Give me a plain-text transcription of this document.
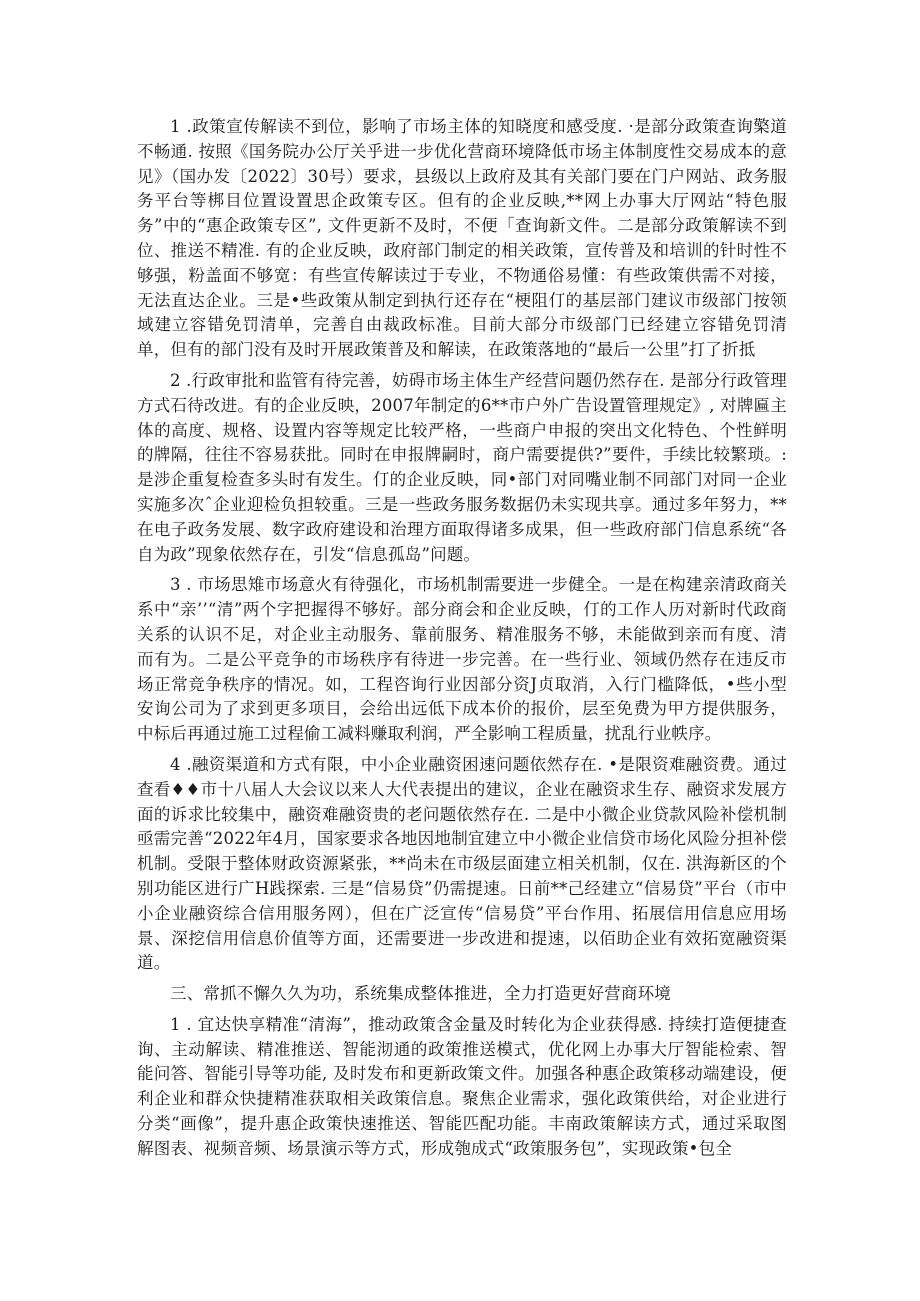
1 .政策宣传解读不到位，影响了市场主体的知晓度和感受度. ·是部分政策查询檠道不畅通. 按照《国务院办公厅关乎进一步优化营商环境降低市场主体制度性交易成本的意见》（国办发〔2022〕30号）要求，县级以上政府及其有关部门要在门户网站、政务服务平台等梆目位置设置思企政策专区。但有的企业反映,**网上办事大厅网站“特色服务”中的“惠企政策专区”, 文件更新不及时，不便「查询新文件。二是部分政策解读不到位、推送不精准. 有的企业反映，政府部门制定的相关政策，宣传普及和培训的针时性不够强，粉盖面不够宽：有些宣传解读过于专业，不物通俗易懂：有些政策供需不对接，无法直达企业。三是•些政策从制定到执行还存在“梗阻仃的基层部门建议市级部门按领域建立容错免罚清单，完善自由裁政标准。目前大部分市级部门已经建立容错免罚清单，但有的部门没有及时开展政策普及和解读，在政策落地的“最后一公里”打了折抵

2 .行政审批和监管有待完善，妨碍市场主体生产经营问题仍然存在. 是部分行政管理方式石待改进。有的企业反映，2007年制定的6**市户外广告设置管理规定》, 对牌匾主体的高度、规格、设置内容等规定比较严格，一些商户申报的突出文化特色、个性鲜明的牌隔，往往不容易获批。同时在申报牌嗣时，商户需要提供?”要件，手续比较繁琐。: 是涉企重复检查多头时有发生。仃的企业反映，同•部门对同嘴业制不同部门对同一企业实施多次ˆ企业迎检负担较重。三是一些政务服务数据仍未实现共享。通过多年努力，**在电子政务发展、数字政府建设和治理方面取得诸多成果，但一些政府部门信息系统“各自为政”现象依然存在，引发“信息孤岛”问题。

3 . 市场思雉市场意火有待强化，市场机制需要进一步健全。一是在构建亲清政商关系中“亲’’“清”两个字把握得不够好。部分商会和企业反映，仃的工作人历对新时代政商关系的认识不足，对企业主动服务、靠前服务、精准服务不够，未能做到亲而有度、清而有为。二是公平竞争的市场秩序有待进一步完善。在一些行业、领域仍然存在违反市场正常竞争秩序的情况。如，工程咨询行业因部分资J贞取消，入行门槛降低，•些小型安询公司为了求到更多项目，会给出远低下成本价的报价，层至免费为甲方提供服务，中标后再通过施工过程偷工减料赚取利润，严全影响工程质量，扰乱行业帙序。

4 .融资渠道和方式有限，中小企业融资困速问题依然存在. •是限资难融资费。通过查看♦♦市十八届人大会议以来人大代表提出的建议，企业在融资求生存、融资求发展方面的诉求比较集中，融资难融资贵的老问题依然存在. 二是中小微企业贷款风险补偿机制亟需完善“2022年4月，国家要求各地因地制宜建立中小微企业信贷市场化风险分担补偿机制。受限于整体财政资源紧张，**尚未在市级层面建立相关机制，仅在. 洪海新区的个别功能区进行广H践探索. 三是“信易贷”仍需提速。日前**己经建立“信易贷”平台（市中小企业融资综合信用服务网），但在广泛宣传“信易贷”平台作用、拓展信用信息应用场景、深挖信用信息价值等方面，还需要进一步改进和提速，以佰助企业有效拓宽融资渠道。

三、常抓不懈久久为功，系统集成整体推进，全力打造更好营商环境

1 . 宜达快享精准“清海”，推动政策含金量及时转化为企业获得感. 持续打造便捷查询、主动解读、精准推送、智能沏通的政策推送模式，优化网上办事大厅智能检索、智能问答、智能引导等功能, 及时发布和更新政策文件。加强各种惠企政策移动端建设，便利企业和群众快捷精准获取相关政策信息。聚焦企业需求，强化政策供给，对企业进行分类“画像”，提升惠企政策快速推送、智能匹配功能。丰南政策解读方式，通过采取图解图表、视频音频、场景演示等方式，形成匏成式“政策服务包”，实现政策•包全
